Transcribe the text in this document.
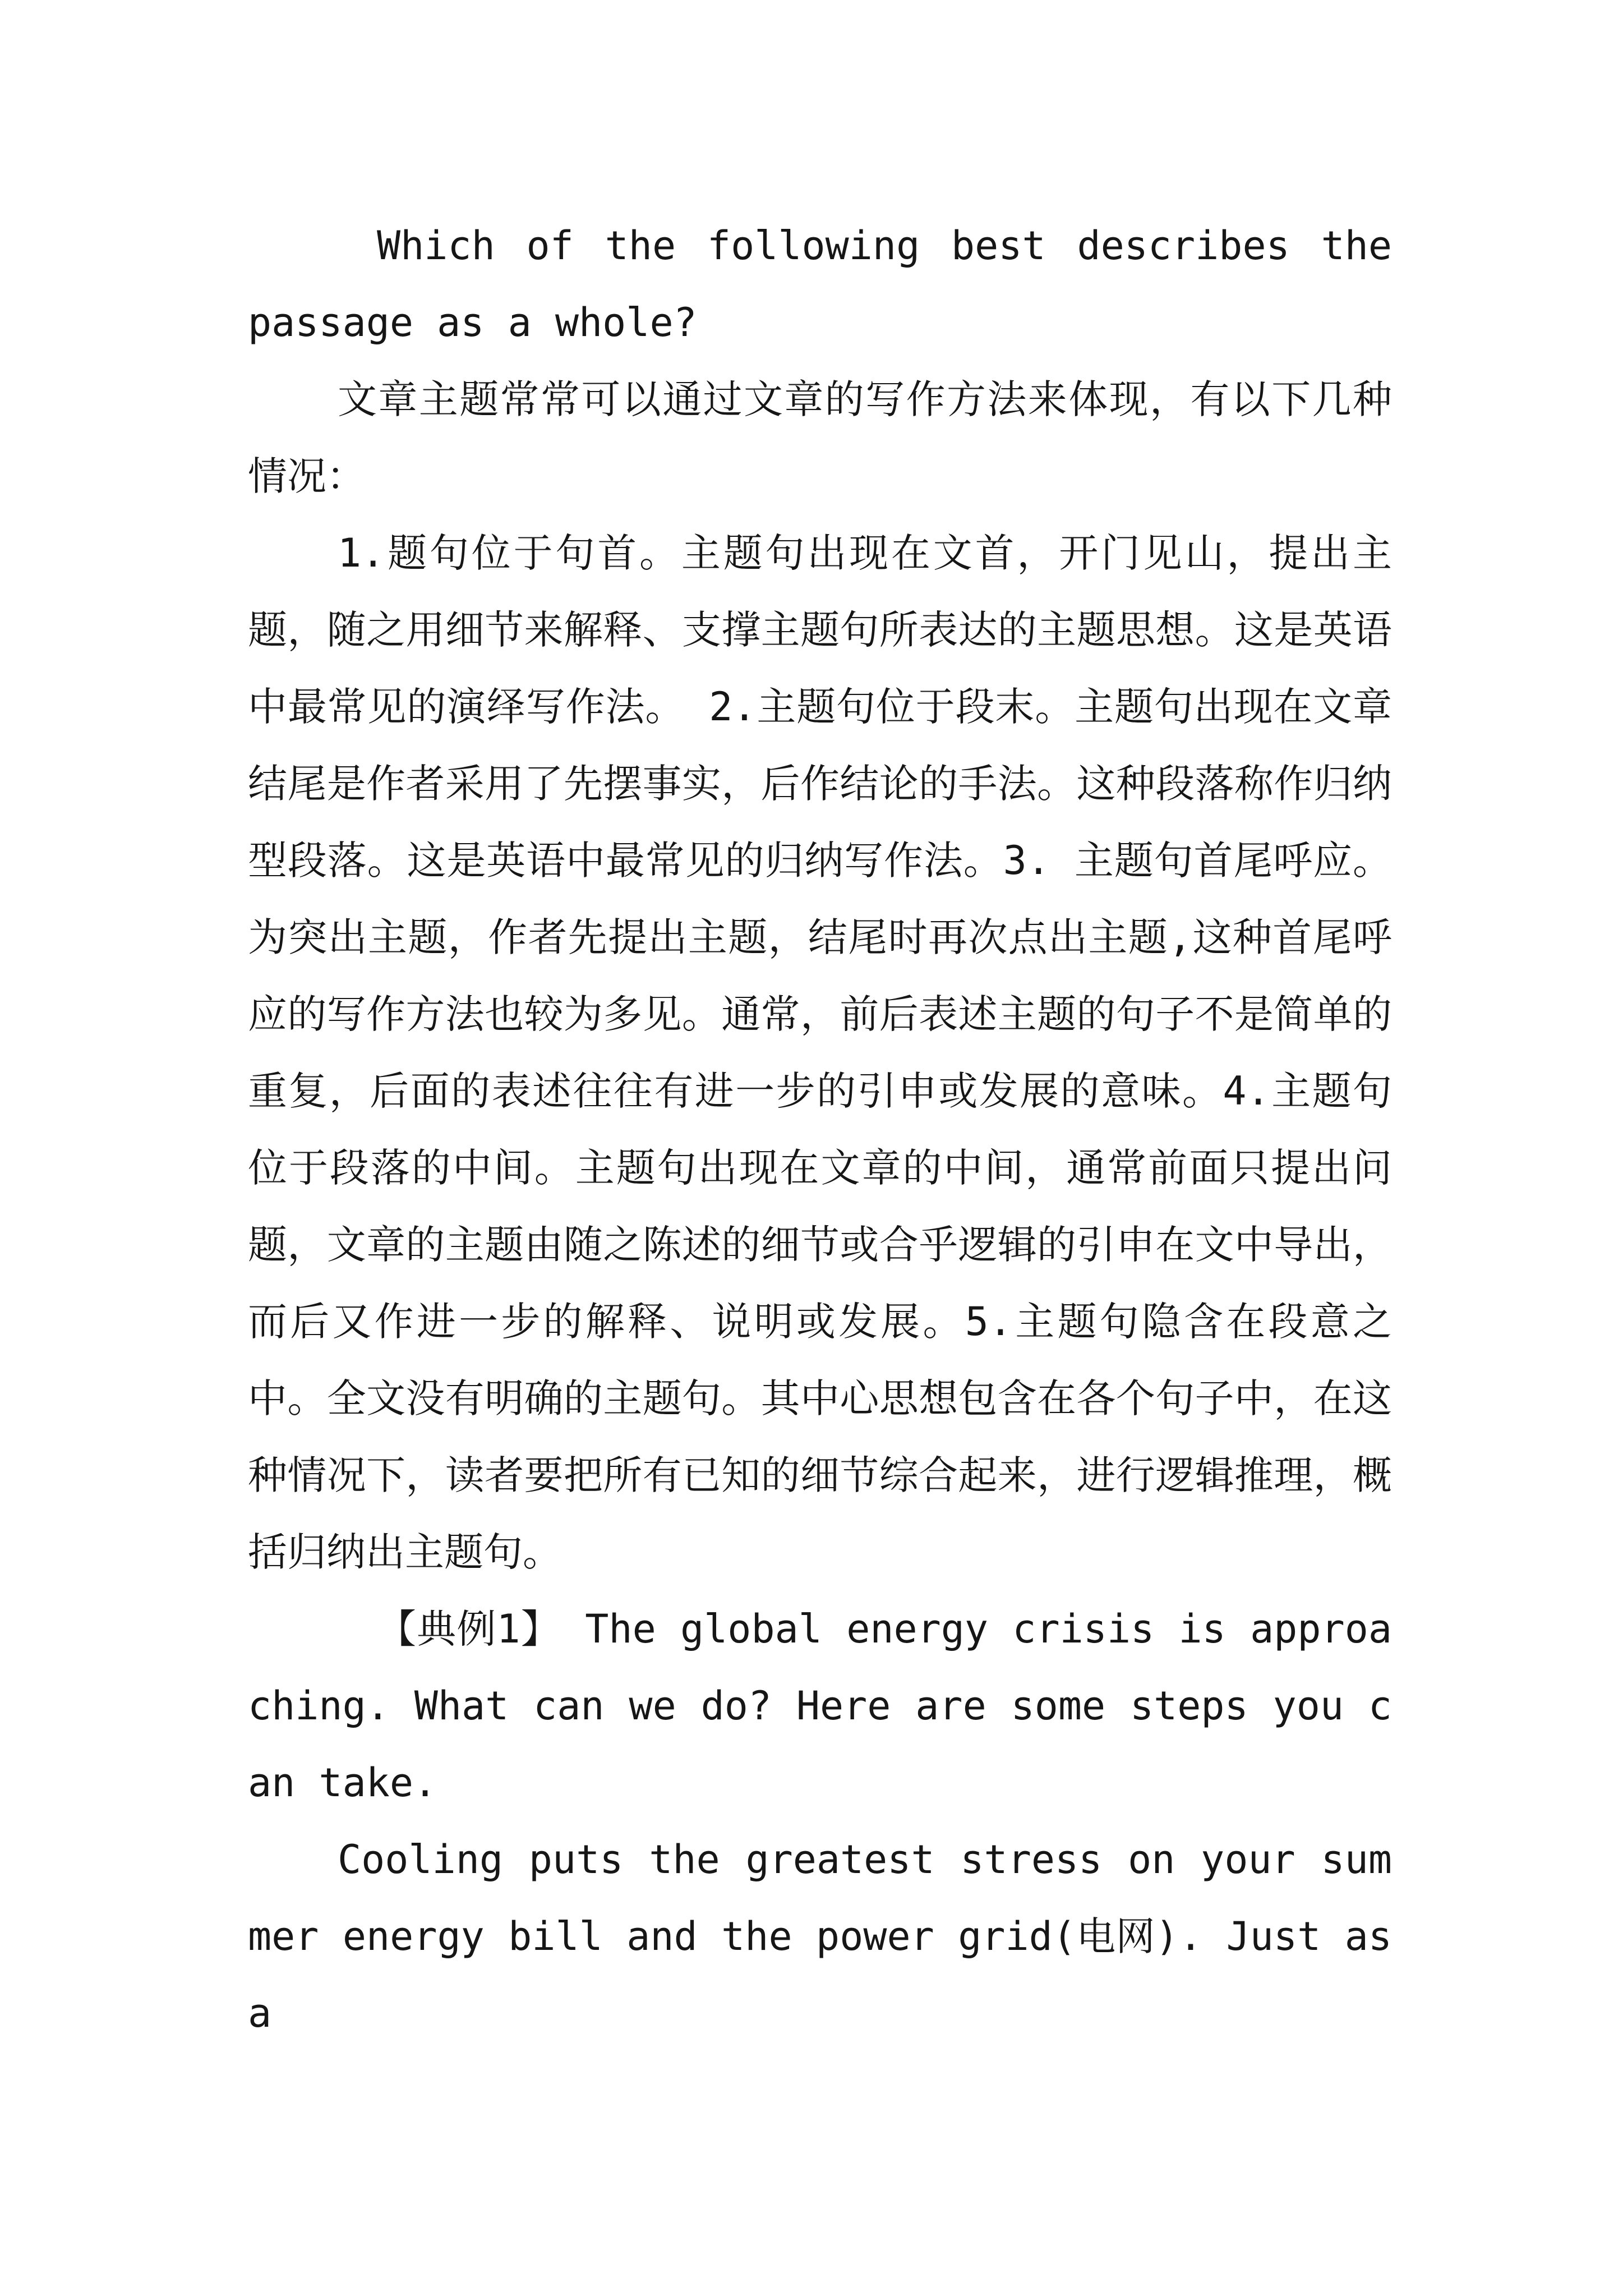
Which of the following best describes the passage as a whole?

文章主题常常可以通过文章的写作方法来体现，有以下几种情况：

1.题句位于句首。主题句出现在文首，开门见山，提出主题，随之用细节来解释、支撑主题句所表达的主题思想。这是英语中最常见的演绎写作法。 2.主题句位于段末。主题句出现在文章结尾是作者采用了先摆事实，后作结论的手法。这种段落称作归纳型段落。这是英语中最常见的归纳写作法。3. 主题句首尾呼应。为突出主题，作者先提出主题，结尾时再次点出主题,这种首尾呼应的写作方法也较为多见。通常，前后表述主题的句子不是简单的重复，后面的表述往往有进一步的引申或发展的意味。4.主题句位于段落的中间。主题句出现在文章的中间，通常前面只提出问题，文章的主题由随之陈述的细节或合乎逻辑的引申在文中导出，而后又作进一步的解释、说明或发展。5.主题句隐含在段意之中。全文没有明确的主题句。其中心思想包含在各个句子中，在这种情况下，读者要把所有已知的细节综合起来，进行逻辑推理，概括归纳出主题句。

【典例1】 The global energy crisis is approaching. What can we do? Here are some steps you can take.

Cooling puts the greatest stress on your summer energy bill and the power grid(电网). Just as a
